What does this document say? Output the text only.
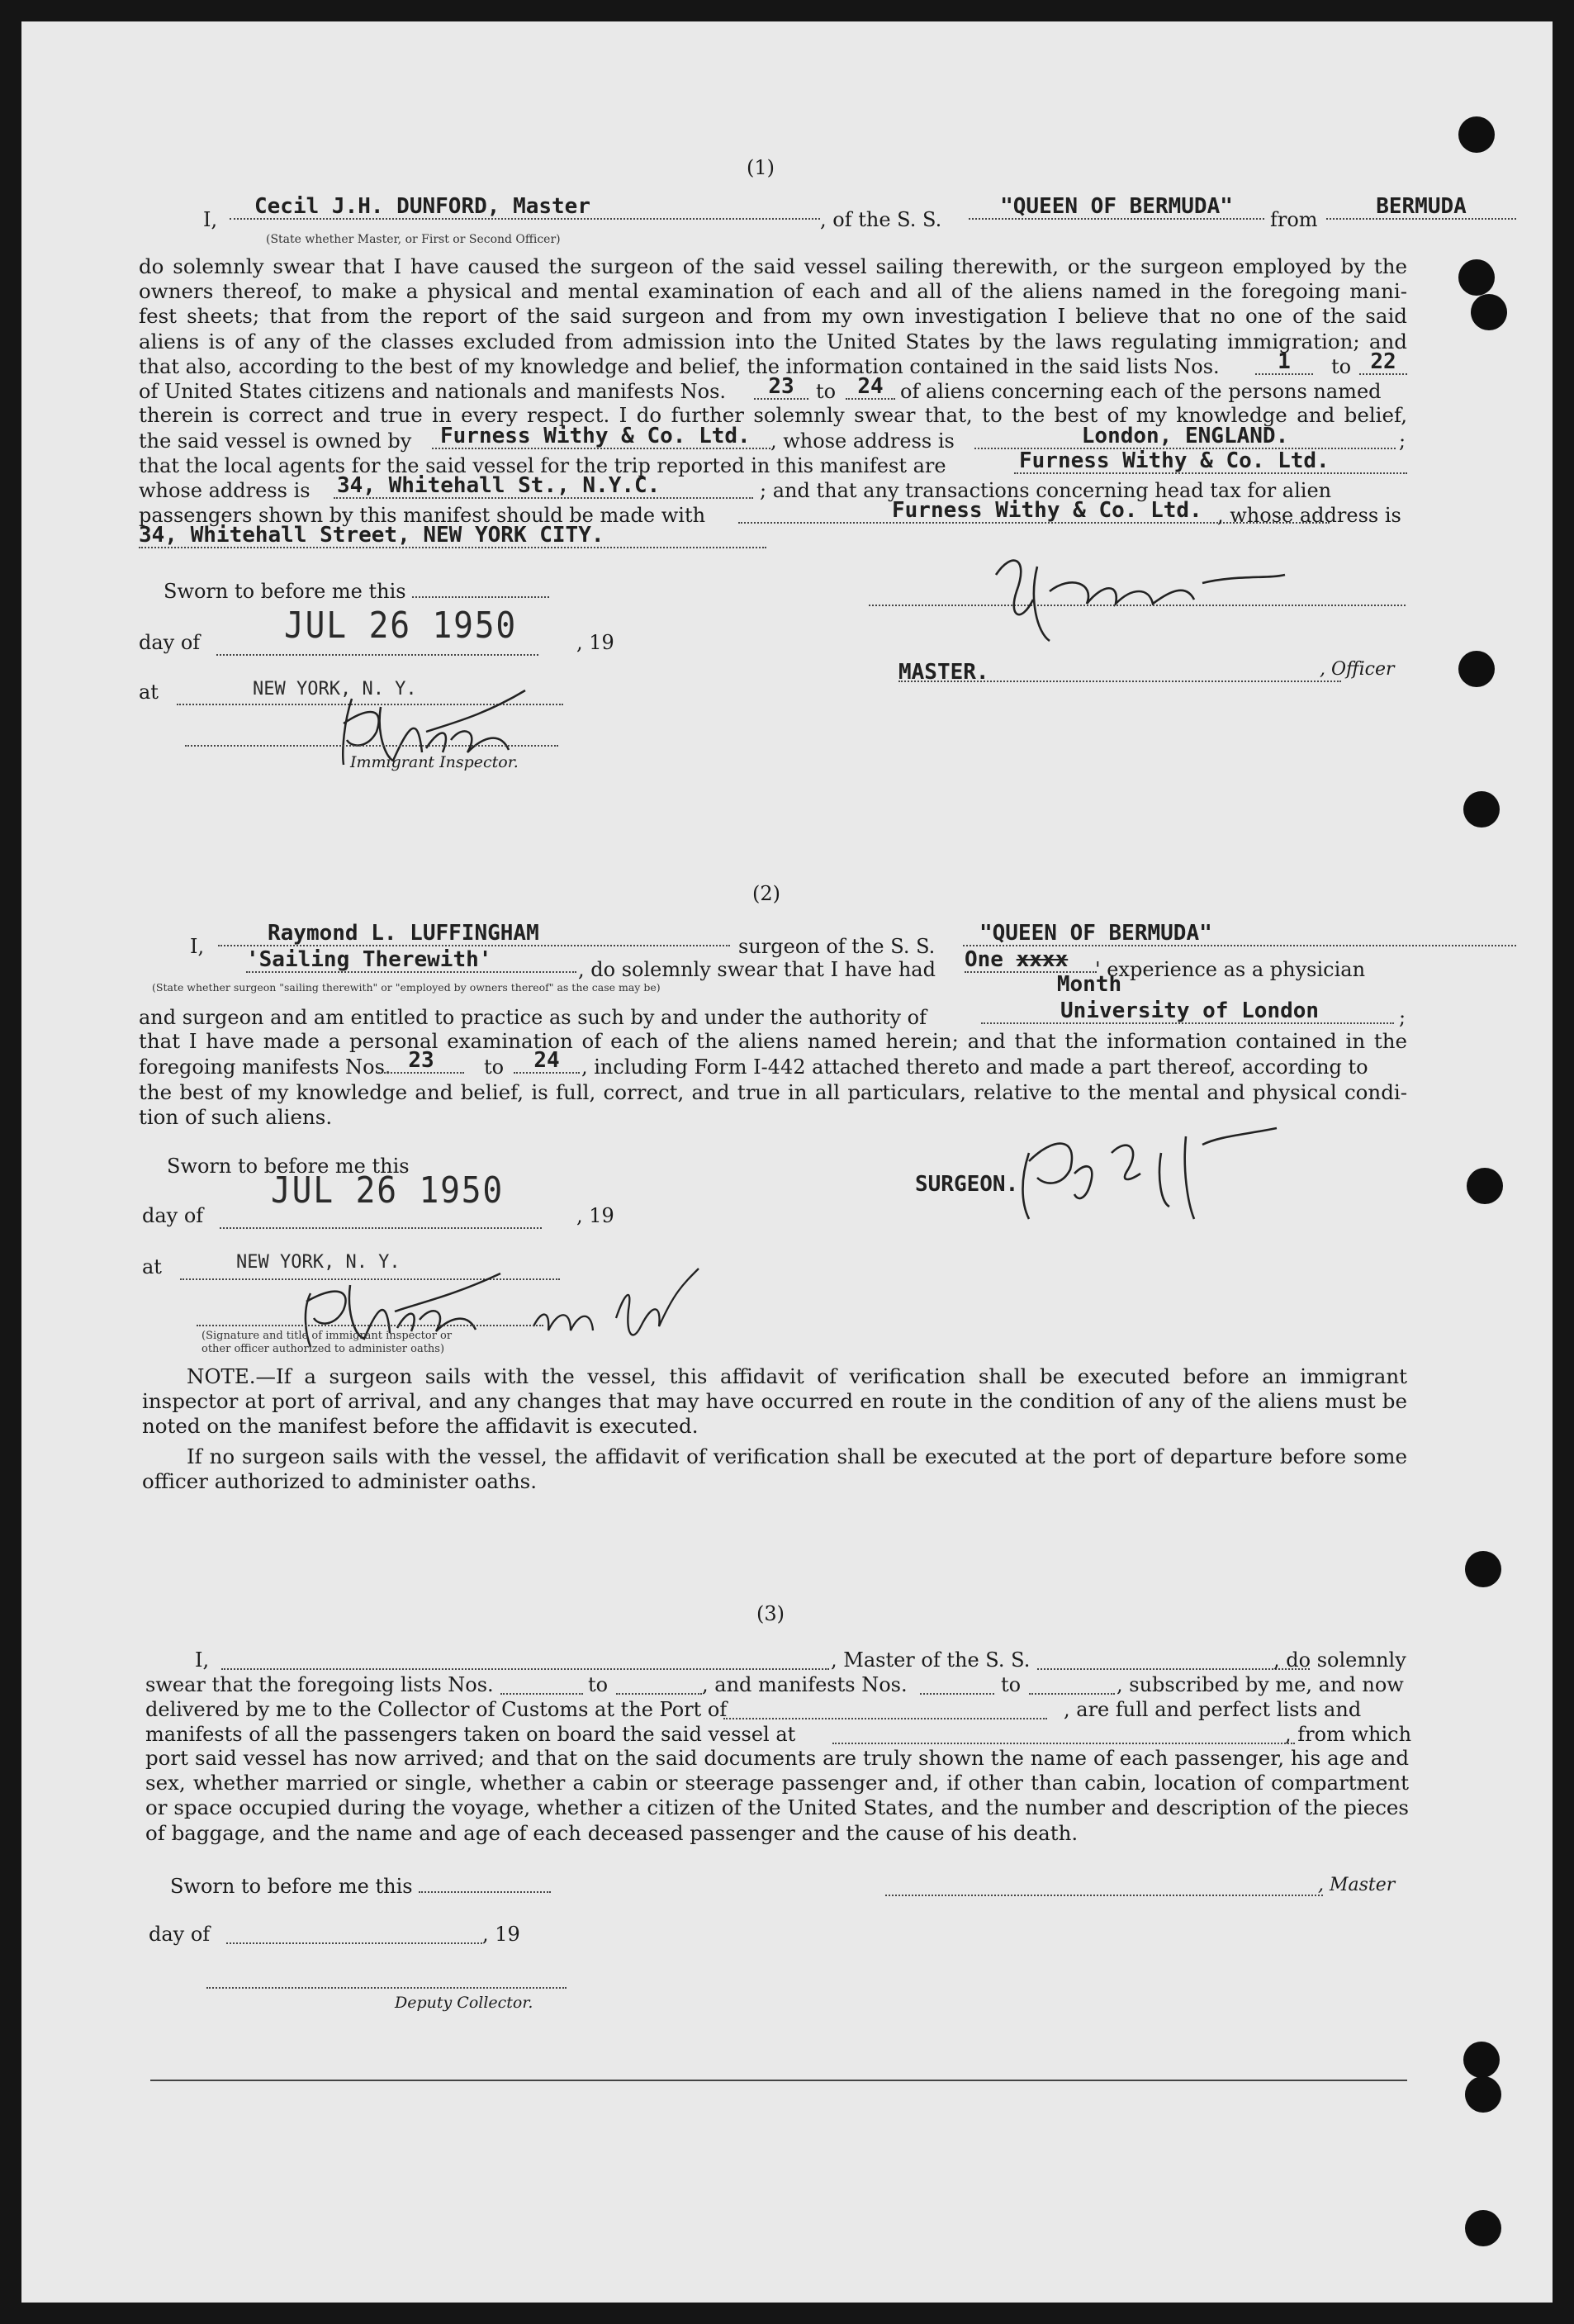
(1)
I,
Cecil J.H. DUNFORD, Master
, of the S. S.
"QUEEN OF BERMUDA"
from
BERMUDA
(State whether Master, or First or Second Officer)
do solemnly swear that I have caused the surgeon of the said vessel sailing therewith, or the surgeon employed by the
owners thereof, to make a physical and mental examination of each and all of the aliens named in the foregoing mani-
fest sheets; that from the report of the said surgeon and from my own investigation I believe that no one of the said
aliens is of any of the classes excluded from admission into the United States by the laws regulating immigration; and
that also, according to the best of my knowledge and belief, the information contained in the said lists Nos.	1	to 22
of United States citizens and nationals and manifests Nos.	23	to	24 of aliens concerning each of the persons named
therein is correct and true in every respect. I do further solemnly swear that, to the best of my knowledge and belief,
the said vessel is owned by Furness Withy & Co. Ltd.	, whose address is	London, ENGLAND.	;
that the local agents for the said vessel for the trip reported in this manifest are	Furness Withy & Co. Ltd.
whose address is 34, Whitehall St., N.Y.C.	; and that any transactions concerning head tax for alien
passengers shown by this manifest should be made with	Furness Withy & Co. Ltd. , whose address is
34, Whitehall Street, NEW YORK CITY.
Sworn to before me this
day of	, 19
JUL 26 1950
at	NEW YORK, N. Y.
Immigrant Inspector.
MASTER.	, Officer
(2)
I,
Raymond L. LUFFINGHAM
surgeon of the S. S.
"QUEEN OF BERMUDA"
'Sailing Therewith'	, do solemnly swear that I have had One xxxx	' experience as a physician
(State whether surgeon "sailing therewith" or "employed by owners thereof" as the case may be)	Month
and surgeon and am entitled to practice as such by and under the authority of	University of London	;
that I have made a personal examination of each of the aliens named herein; and that the information contained in the
foregoing manifests Nos. 23	to	24	, including Form I-442 attached thereto and made a part thereof, according to
the best of my knowledge and belief, is full, correct, and true in all particulars, relative to the mental and physical condi-
tion of such aliens.
Sworn to before me this
day of	, 19
JUL 26 1950
at	NEW YORK, N. Y.
(Signature and title of immigrant inspector or
other officer authorized to administer oaths)
SURGEON.
NOTE.—If a surgeon sails with the vessel, this affidavit of verification shall be executed before an immigrant inspector at port of arrival, and any changes that may have occurred en route in the condition of any of the aliens must be noted on the manifest before the affidavit is executed.
If no surgeon sails with the vessel, the affidavit of verification shall be executed at the port of departure before some officer authorized to administer oaths.
(3)
I,	, Master of the S. S.	, do solemnly
swear that the foregoing lists Nos.	to	, and manifests Nos.	to	, subscribed by me, and now
delivered by me to the Collector of Customs at the Port of	, are full and perfect lists and
manifests of all the passengers taken on board the said vessel at	, from which
port said vessel has now arrived; and that on the said documents are truly shown the name of each passenger, his age and
sex, whether married or single, whether a cabin or steerage passenger and, if other than cabin, location of compartment
or space occupied during the voyage, whether a citizen of the United States, and the number and description of the pieces
of baggage, and the name and age of each deceased passenger and the cause of his death.
Sworn to before me this	, Master
day of	, 19
Deputy Collector.
